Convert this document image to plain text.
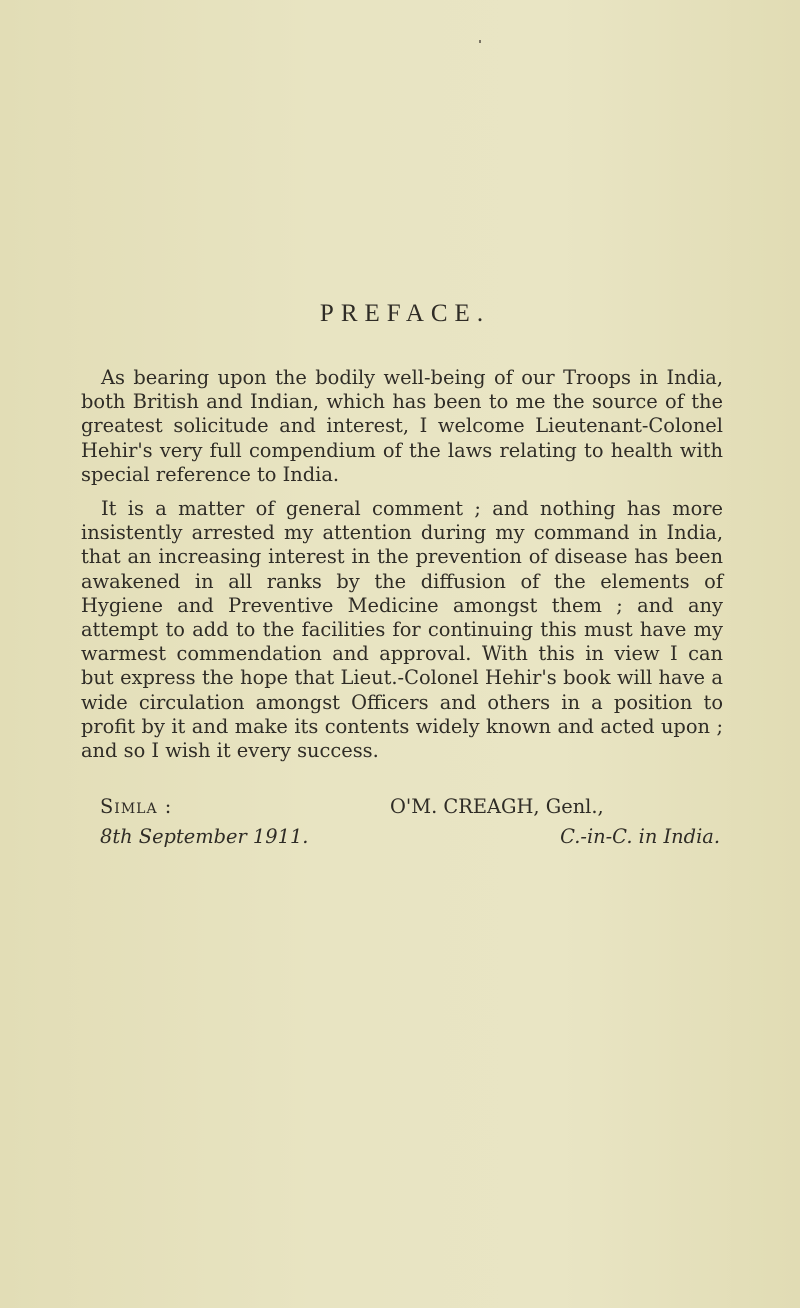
PREFACE.

As bearing upon the bodily well-being of our Troops in India, both British and Indian, which has been to me the source of the greatest solicitude and interest, I welcome Lieutenant-Colonel Hehir's very full compendium of the laws relating to health with special reference to India.

It is a matter of general comment ; and nothing has more insistently arrested my attention during my command in India, that an increasing interest in the prevention of disease has been awakened in all ranks by the diffusion of the elements of Hygiene and Preventive Medicine amongst them ; and any attempt to add to the facilities for continuing this must have my warmest commendation and approval. With this in view I can but express the hope that Lieut.-Colonel Hehir's book will have a wide circulation amongst Officers and others in a position to profit by it and make its contents widely known and acted upon ; and so I wish it every success.

Simla :	O'M. CREAGH, Genl.,
8th September 1911.	C.-in-C. in India.
